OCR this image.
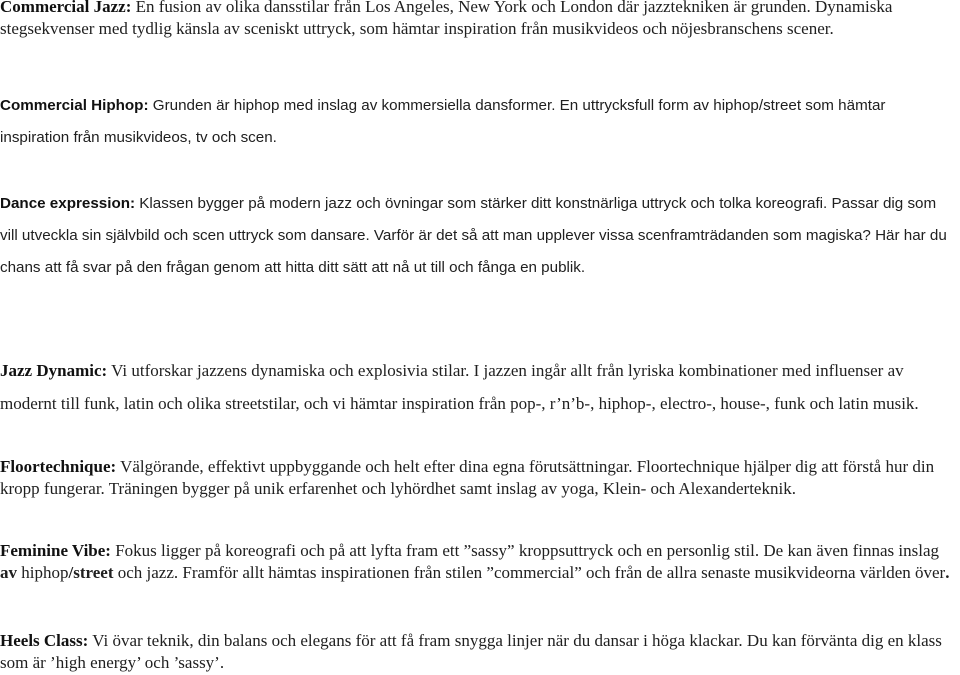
Commercial Jazz: En fusion av olika dansstilar från Los Angeles, New York och London där jazztekniken är grunden. Dynamiska stegsekvenser med tydlig känsla av sceniskt uttryck, som hämtar inspiration från musikvideos och nöjesbranschens scener.

Commercial Hiphop: Grunden är hiphop med inslag av kommersiella dansformer. En uttrycksfull form av hiphop/street som hämtar inspiration från musikvideos, tv och scen.

Dance expression: Klassen bygger på modern jazz och övningar som stärker ditt konstnärliga uttryck och tolka koreografi. Passar dig som vill utveckla sin självbild och scen uttryck som dansare. Varför är det så att man upplever vissa scenframträdanden som magiska? Här har du chans att få svar på den frågan genom att hitta ditt sätt att nå ut till och fånga en publik.

Jazz Dynamic: Vi utforskar jazzens dynamiska och explosivia stilar. I jazzen ingår allt från lyriska kombinationer med influenser av modernt till funk, latin och olika streetstilar, och vi hämtar inspiration från pop-, r’n’b-, hiphop-, electro-, house-, funk och latin musik.

Floortechnique: Välgörande, effektivt uppbyggande och helt efter dina egna förutsättningar. Floortechnique hjälper dig att förstå hur din kropp fungerar. Träningen bygger på unik erfarenhet och lyhördhet samt inslag av yoga, Klein- och Alexanderteknik.

Feminine Vibe: Fokus ligger på koreografi och på att lyfta fram ett ”sassy” kroppsuttryck och en personlig stil. De kan även finnas inslag av hiphop/street och jazz. Framför allt hämtas inspirationen från stilen ”commercial” och från de allra senaste musikvideorna världen över.

Heels Class: Vi övar teknik, din balans och elegans för att få fram snygga linjer när du dansar i höga klackar. Du kan förvänta dig en klass som är ’high energy’ och ’sassy’.
